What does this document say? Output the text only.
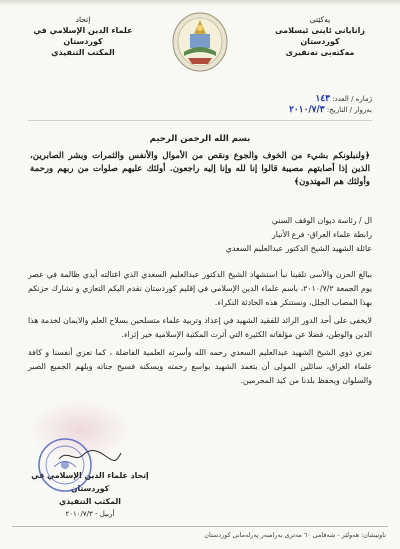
یەکێتی
زانایانی ئاینی ئیسلامی کوردستان
مەکتەبی تەنفیزی
إتحاد
علماء الدين الإسلامي في كوردستان
المكتب التنفيذي
ژمارە / العدد: ١٤٣
بەروار / التاريخ: ٢٠١٠/٧/٣
بسم الله الرحمن الرحيم
﴿ولنبلونكم بشيء من الخوف والجوع ونقص من الأموال والأنفس والثمرات وبشر الصابرين، الذين إذا أصابتهم مصيبة قالوا إنا لله وإنا إليه راجعون. أولئك عليهم صلوات من ربهم ورحمة وأولئك هم المهتدون﴾

ال / رئاسة ديوان الوقف السني

رابطة علماء العراق- فرع الأنبار

عائلة الشهيد الشيخ الدكتور عبدالعليم السعدي

ببالغ الحزن والأسى تلقينا نبأ استشهاد الشيخ الدكتور عبدالعليم السعدي الذي اغتالته أيدي ظالمة في عصر يوم الجمعة ٢٠١٠/٧/٢، باسم علماء الدين الإسلامي في إقليم كوردستان نقدم اليكم التعازي و نشارك حزنكم بهذا المصاب الجلل، ونستنكر هذه الحادثة النكراء.

لايخفى على أحد الدور الرائد للفقيد الشهيد في إعداد وتربية علماء متسلحين بسلاح العلم والايمان لخدمة هذا الدين والوطن، فضلا عن مؤلفاته الكثيرة التي أثرت المكتبة الإسلامية خير إثراء.

نعزي ذوي الشيخ الشهيد عبدالعليم السعدي رحمه الله وأسرته العلمية الفاضلة ، كما نعزي أنفسنا و كافة علماء العراق، سائلين المولى أن يتغمد الشهيد بواسع رحمته ويسكنه فسيح جناته ويلهم الجميع الصبر والسلوان ويحفظ بلدنا من كيد المجرمين.

إتحاد علماء الدين الإسلامي في كوردستان
المكتب التنفيذي
أربيل - ٢٠١٠/٧/٣
ناونیشان: هەولێر - شەقامی ٦٠ مەتری بەرامبەر پەرلەمانی کوردستان
